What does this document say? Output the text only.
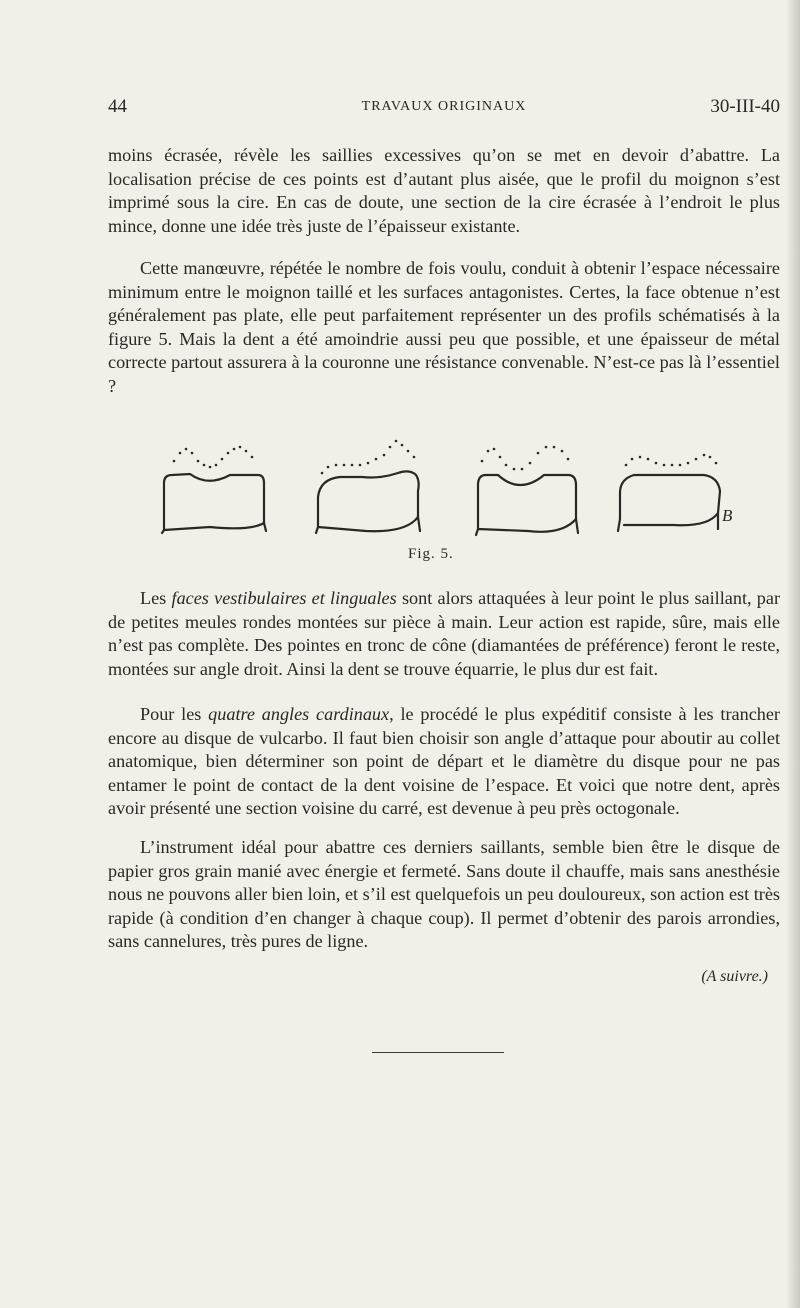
44	TRAVAUX ORIGINAUX	30-III-40

moins écrasée, révèle les saillies excessives qu’on se met en devoir d’abattre. La localisation précise de ces points est d’autant plus aisée, que le profil du moignon s’est imprimé sous la cire. En cas de doute, une section de la cire écrasée à l’endroit le plus mince, donne une idée très juste de l’épaisseur existante.

Cette manœuvre, répétée le nombre de fois voulu, conduit à obtenir l’espace nécessaire minimum entre le moignon taillé et les surfaces antagonistes. Certes, la face obtenue n’est généralement pas plate, elle peut parfaitement représenter un des profils schématisés à la figure 5. Mais la dent a été amoindrie aussi peu que possible, et une épaisseur de métal correcte partout assurera à la couronne une résistance convenable. N’est-ce pas là l’essentiel ?

B
Fig. 5.

Les faces vestibulaires et linguales sont alors attaquées à leur point le plus saillant, par de petites meules rondes montées sur pièce à main. Leur action est rapide, sûre, mais elle n’est pas complète. Des pointes en tronc de cône (diamantées de préférence) feront le reste, montées sur angle droit. Ainsi la dent se trouve équarrie, le plus dur est fait.

Pour les quatre angles cardinaux, le procédé le plus expéditif consiste à les trancher encore au disque de vulcarbo. Il faut bien choisir son angle d’attaque pour aboutir au collet anatomique, bien déterminer son point de départ et le diamètre du disque pour ne pas entamer le point de contact de la dent voisine de l’espace. Et voici que notre dent, après avoir présenté une section voisine du carré, est devenue à peu près octogonale.

L’instrument idéal pour abattre ces derniers saillants, semble bien être le disque de papier gros grain manié avec énergie et fermeté. Sans doute il chauffe, mais sans anesthésie nous ne pouvons aller bien loin, et s’il est quelquefois un peu douloureux, son action est très rapide (à condition d’en changer à chaque coup). Il permet d’obtenir des parois arrondies, sans cannelures, très pures de ligne.

(A suivre.)
